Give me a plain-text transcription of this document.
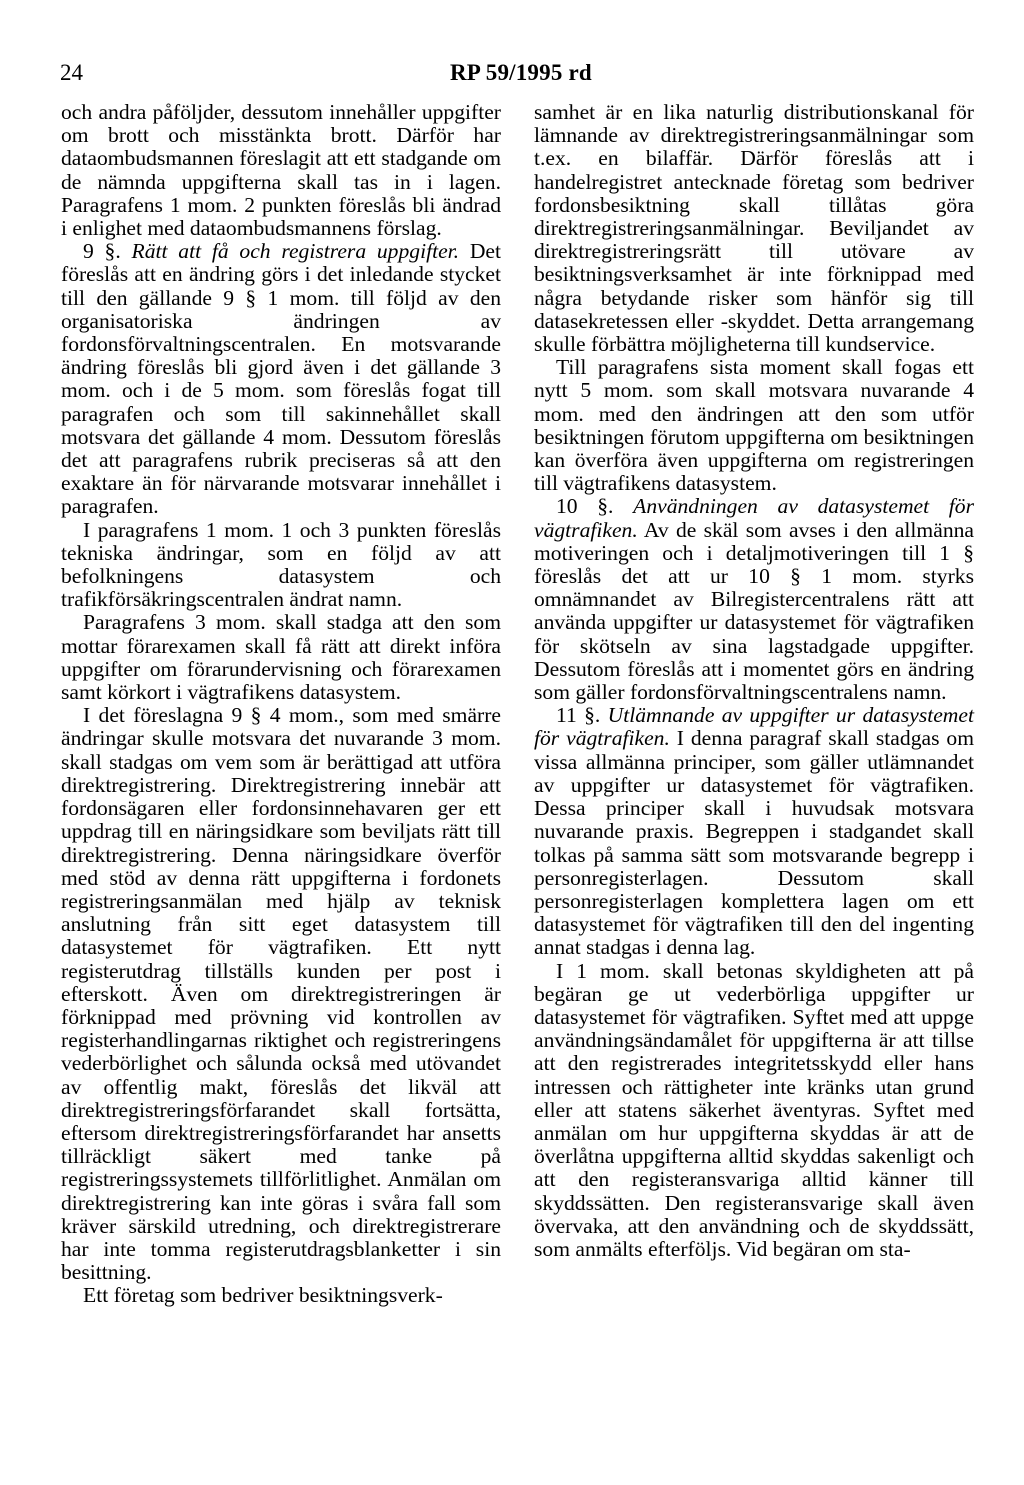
24	RP 59/1995 rd

och andra påföljder, dessutom innehåller uppgifter om brott och misstänkta brott. Därför har dataombudsmannen föreslagit att ett stadgande om de nämnda uppgifterna skall tas in i lagen. Paragrafens 1 mom. 2 punkten föreslås bli ändrad i enlighet med dataombudsmannens förslag.

9 §. Rätt att få och registrera uppgifter. Det föreslås att en ändring görs i det inledande stycket till den gällande 9 § 1 mom. till följd av den organisatoriska ändringen av fordonsförvaltningscentralen. En motsvarande ändring föreslås bli gjord även i det gällande 3 mom. och i de 5 mom. som föreslås fogat till paragrafen och som till sakinnehållet skall motsvara det gällande 4 mom. Dessutom föreslås det att paragrafens rubrik preciseras så att den exaktare än för närvarande motsvarar innehållet i paragrafen.

I paragrafens 1 mom. 1 och 3 punkten föreslås tekniska ändringar, som en följd av att befolkningens datasystem och trafikförsäkringscentralen ändrat namn.

Paragrafens 3 mom. skall stadga att den som mottar förarexamen skall få rätt att direkt införa uppgifter om förarundervisning och förarexamen samt körkort i vägtrafikens datasystem.

I det föreslagna 9 § 4 mom., som med smärre ändringar skulle motsvara det nuvarande 3 mom. skall stadgas om vem som är berättigad att utföra direktregistrering. Direktregistrering innebär att fordonsägaren eller fordonsinnehavaren ger ett uppdrag till en näringsidkare som beviljats rätt till direktregistrering. Denna näringsidkare överför med stöd av denna rätt uppgifterna i fordonets registreringsanmälan med hjälp av teknisk anslutning från sitt eget datasystem till datasystemet för vägtrafiken. Ett nytt registerutdrag tillställs kunden per post i efterskott. Även om direktregistreringen är förknippad med prövning vid kontrollen av registerhandlingarnas riktighet och registreringens vederbörlighet och sålunda också med utövandet av offentlig makt, föreslås det likväl att direktregistreringsförfarandet skall fortsätta, eftersom direktregistreringsförfarandet har ansetts tillräckligt säkert med tanke på registreringssystemets tillförlitlighet. Anmälan om direktregistrering kan inte göras i svåra fall som kräver särskild utredning, och direktregistrerare har inte tomma registerutdragsblanketter i sin besittning.

Ett företag som bedriver besiktningsverk-

samhet är en lika naturlig distributionskanal för lämnande av direktregistreringsanmälningar som t.ex. en bilaffär. Därför föreslås att i handelregistret antecknade företag som bedriver fordonsbesiktning skall tillåtas göra direktregistreringsanmälningar. Beviljandet av direktregistreringsrätt till utövare av besiktningsverksamhet är inte förknippad med några betydande risker som hänför sig till datasekretessen eller -skyddet. Detta arrangemang skulle förbättra möjligheterna till kundservice.

Till paragrafens sista moment skall fogas ett nytt 5 mom. som skall motsvara nuvarande 4 mom. med den ändringen att den som utför besiktningen förutom uppgifterna om besiktningen kan överföra även uppgifterna om registreringen till vägtrafikens datasystem.

10 §. Användningen av datasystemet för vägtrafiken. Av de skäl som avses i den allmänna motiveringen och i detaljmotiveringen till 1 § föreslås det att ur 10 § 1 mom. styrks omnämnandet av Bilregistercentralens rätt att använda uppgifter ur datasystemet för vägtrafiken för skötseln av sina lagstadgade uppgifter. Dessutom föreslås att i momentet görs en ändring som gäller fordonsförvaltningscentralens namn.

11 §. Utlämnande av uppgifter ur datasystemet för vägtrafiken. I denna paragraf skall stadgas om vissa allmänna principer, som gäller utlämnandet av uppgifter ur datasystemet för vägtrafiken. Dessa principer skall i huvudsak motsvara nuvarande praxis. Begreppen i stadgandet skall tolkas på samma sätt som motsvarande begrepp i personregisterlagen. Dessutom skall personregisterlagen komplettera lagen om ett datasystemet för vägtrafiken till den del ingenting annat stadgas i denna lag.

I 1 mom. skall betonas skyldigheten att på begäran ge ut vederbörliga uppgifter ur datasystemet för vägtrafiken. Syftet med att uppge användningsändamålet för uppgifterna är att tillse att den registrerades integritetsskydd eller hans intressen och rättigheter inte kränks utan grund eller att statens säkerhet äventyras. Syftet med anmälan om hur uppgifterna skyddas är att de överlåtna uppgifterna alltid skyddas sakenligt och att den registeransvariga alltid känner till skyddssätten. Den registeransvarige skall även övervaka, att den användning och de skyddssätt, som anmälts efterföljs. Vid begäran om sta-
